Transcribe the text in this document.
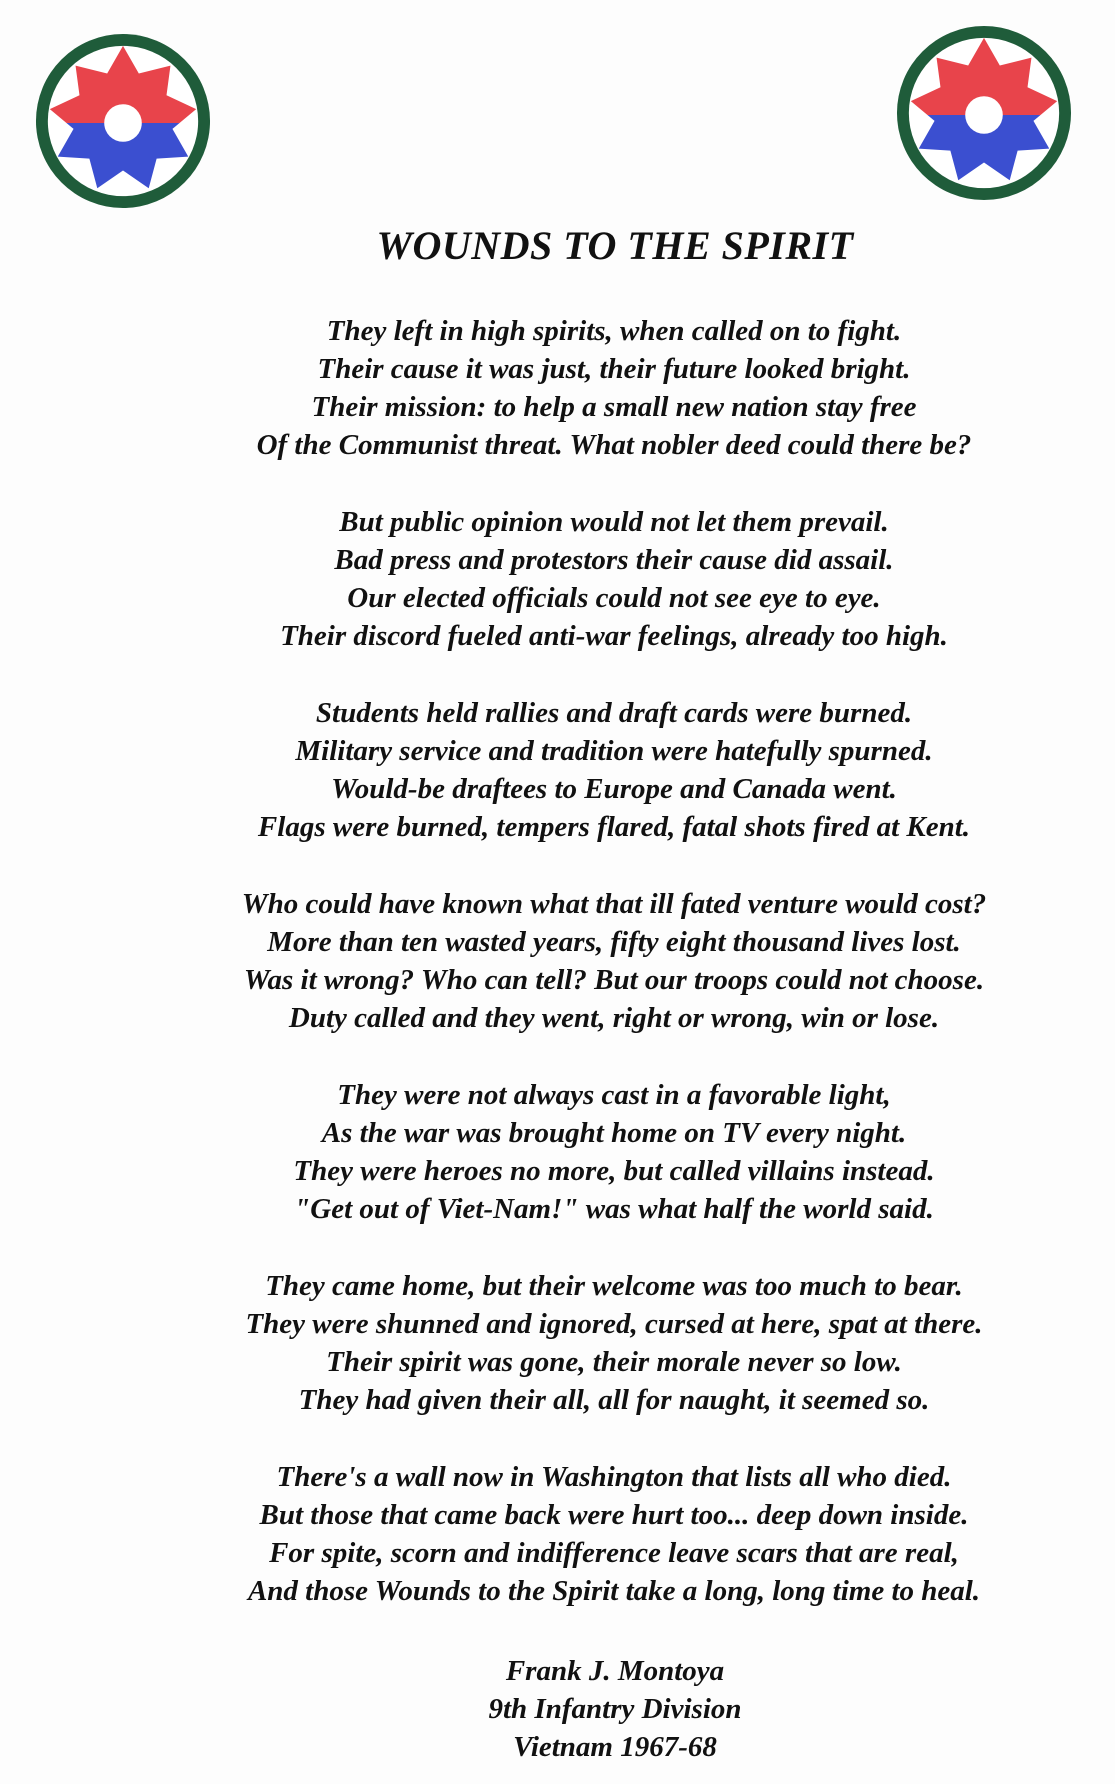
WOUNDS TO THE SPIRIT
They left in high spirits, when called on to fight.
Their cause it was just, their future looked bright.
Their mission: to help a small new nation stay free
Of the Communist threat. What nobler deed could there be?
But public opinion would not let them prevail.
Bad press and protestors their cause did assail.
Our elected officials could not see eye to eye.
Their discord fueled anti-war feelings, already too high.
Students held rallies and draft cards were burned.
Military service and tradition were hatefully spurned.
Would-be draftees to Europe and Canada went.
Flags were burned, tempers flared, fatal shots fired at Kent.
Who could have known what that ill fated venture would cost?
More than ten wasted years, fifty eight thousand lives lost.
Was it wrong? Who can tell? But our troops could not choose.
Duty called and they went, right or wrong, win or lose.
They were not always cast in a favorable light,
As the war was brought home on TV every night.
They were heroes no more, but called villains instead.
"Get out of Viet-Nam!" was what half the world said.
They came home, but their welcome was too much to bear.
They were shunned and ignored, cursed at here, spat at there.
Their spirit was gone, their morale never so low.
They had given their all, all for naught, it seemed so.
There's a wall now in Washington that lists all who died.
But those that came back were hurt too... deep down inside.
For spite, scorn and indifference leave scars that are real,
And those Wounds to the Spirit take a long, long time to heal.
Frank J. Montoya
9th Infantry Division
Vietnam 1967-68
